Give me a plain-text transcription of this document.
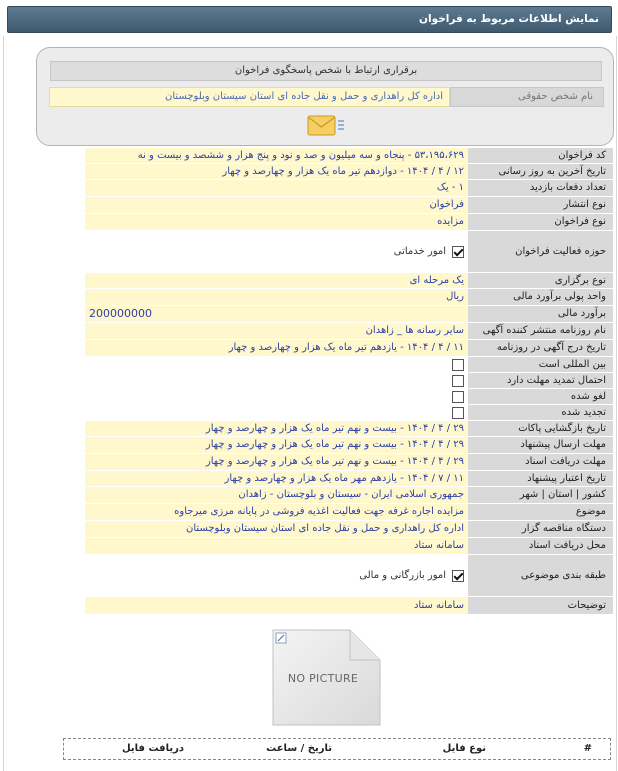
نمایش اطلاعات مربوط به فراخوان
برقراری ارتباط با شخص پاسخگوی فراخوان
نام شخص حقوقی
اداره کل راهداری و حمل و نقل جاده ای استان سیستان وبلوچستان
کد فراخوان
۵۳،۱۹۵،۶۲۹ - پنجاه و سه میلیون و صد و نود و پنج هزار و ششصد و بیست و نه
تاریخ آخرین به روز رسانی
۱۲ / ۴ / ۱۴۰۴ - دوازدهم تیر ماه یک هزار و چهارصد و چهار
تعداد دفعات بازدید
۱ - یک
نوع انتشار
فراخوان
نوع فراخوان
مزایده
حوزه فعالیت فراخوان
امور خدماتی
نوع برگزاری
یک مرحله ای
واحد پولی برآورد مالی
ریال
برآورد مالی
200000000
نام روزنامه منتشر کننده آگهی
سایر رسانه ها _ زاهدان
تاریخ درج آگهی در روزنامه
۱۱ / ۴ / ۱۴۰۴ - یازدهم تیر ماه یک هزار و چهارصد و چهار
بین المللی است
احتمال تمدید مهلت دارد
لغو شده
تجدید شده
تاریخ بازگشایی پاکات
۲۹ / ۴ / ۱۴۰۴ - بیست و نهم تیر ماه یک هزار و چهارصد و چهار
مهلت ارسال پیشنهاد
۲۹ / ۴ / ۱۴۰۴ - بیست و نهم تیر ماه یک هزار و چهارصد و چهار
مهلت دریافت اسناد
۲۹ / ۴ / ۱۴۰۴ - بیست و نهم تیر ماه یک هزار و چهارصد و چهار
تاریخ اعتبار پیشنهاد
۱۱ / ۷ / ۱۴۰۴ - یازدهم مهر ماه یک هزار و چهارصد و چهار
کشور | استان | شهر
جمهوری اسلامی ایران - سیستان و بلوچستان - زاهدان
موضوع
مزایده اجاره غرفه جهت فعالیت اغذیه فروشی در پایانه مرزی میرجاوه
دستگاه مناقصه گزار
اداره کل راهداری و حمل و نقل جاده ای استان سیستان وبلوچستان
محل دریافت اسناد
سامانه ستاد
طبقه بندی موضوعی
امور بازرگانی و مالی
توضیحات
سامانه ستاد
NO PICTURE
#
نوع فایل
تاریخ / ساعت
دریافت فایل
